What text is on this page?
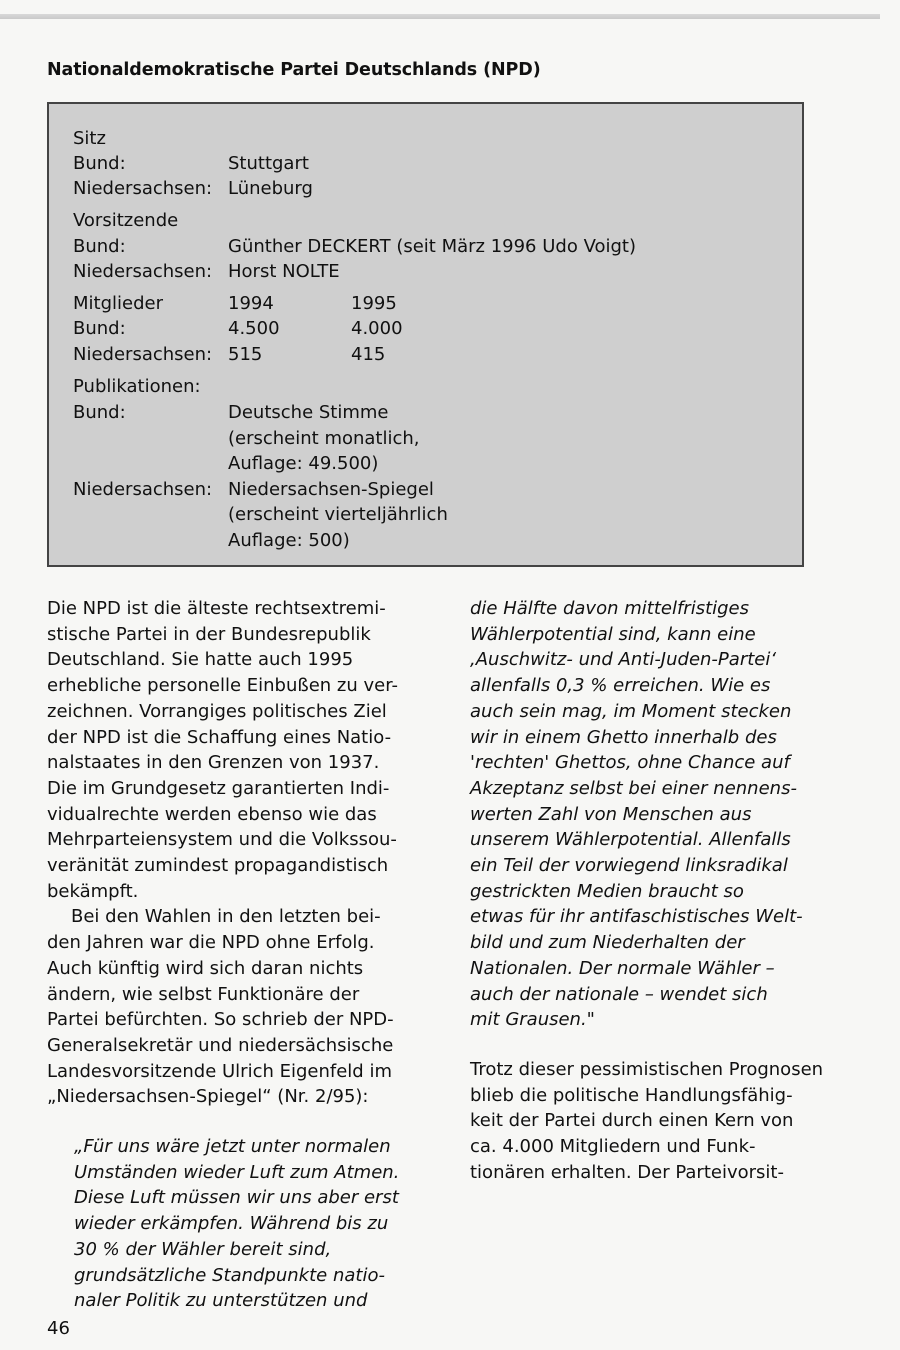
Nationaldemokratische Partei Deutschlands (NPD)
Sitz
Bund:	Stuttgart
Niedersachsen: Lüneburg
Vorsitzende
Bund:	Günther DECKERT (seit März 1996 Udo Voigt)
Niedersachsen: Horst NOLTE
Mitglieder	1994	1995
Bund:	4.500	4.000
Niedersachsen: 515	415
Publikationen:
Bund:	Deutsche Stimme
(erscheint monatlich,
Auflage: 49.500)
Niedersachsen: Niedersachsen-Spiegel
(erscheint vierteljährlich
Auflage: 500)
Die NPD ist die älteste rechtsextremi-
stische Partei in der Bundesrepublik
Deutschland. Sie hatte auch 1995
erhebliche personelle Einbußen zu ver-
zeichnen. Vorrangiges politisches Ziel
der NPD ist die Schaffung eines Natio-
nalstaates in den Grenzen von 1937.
Die im Grundgesetz garantierten Indi-
vidualrechte werden ebenso wie das
Mehrparteiensystem und die Volkssou-
veränität zumindest propagandistisch
bekämpft.
Bei den Wahlen in den letzten bei-
den Jahren war die NPD ohne Erfolg.
Auch künftig wird sich daran nichts
ändern, wie selbst Funktionäre der
Partei befürchten. So schrieb der NPD-
Generalsekretär und niedersächsische
Landesvorsitzende Ulrich Eigenfeld im
„Niedersachsen-Spiegel“ (Nr. 2/95):
„Für uns wäre jetzt unter normalen
Umständen wieder Luft zum Atmen.
Diese Luft müssen wir uns aber erst
wieder erkämpfen. Während bis zu
30 % der Wähler bereit sind,
grundsätzliche Standpunkte natio-
naler Politik zu unterstützen und
die Hälfte davon mittelfristiges
Wählerpotential sind, kann eine
‚Auschwitz- und Anti-Juden-Partei‘
allenfalls 0,3 % erreichen. Wie es
auch sein mag, im Moment stecken
wir in einem Ghetto innerhalb des
'rechten' Ghettos, ohne Chance auf
Akzeptanz selbst bei einer nennens-
werten Zahl von Menschen aus
unserem Wählerpotential. Allenfalls
ein Teil der vorwiegend linksradikal
gestrickten Medien braucht so
etwas für ihr antifaschistisches Welt-
bild und zum Niederhalten der
Nationalen. Der normale Wähler –
auch der nationale – wendet sich
mit Grausen."
Trotz dieser pessimistischen Prognosen
blieb die politische Handlungsfähig-
keit der Partei durch einen Kern von
ca. 4.000 Mitgliedern und Funk-
tionären erhalten. Der Parteivorsit-
46
